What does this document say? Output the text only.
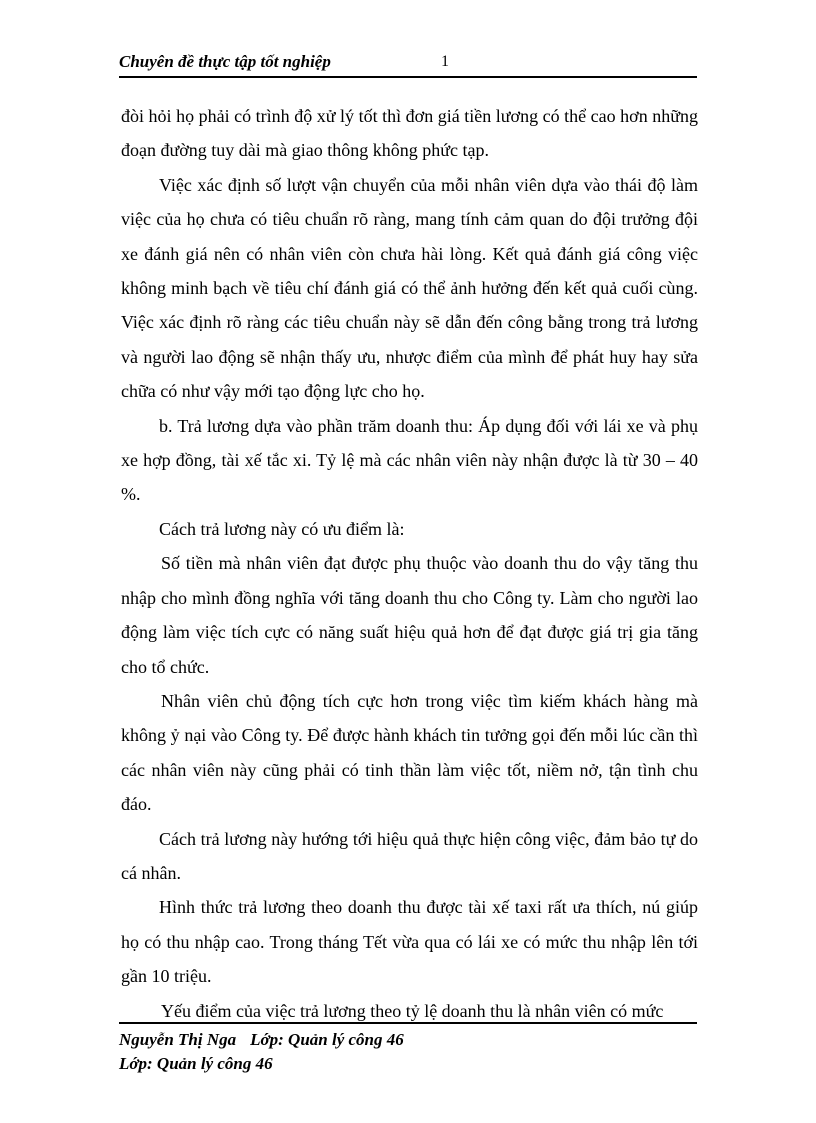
Chuyên đề thực tập tốt nghiệp	1

đòi hỏi họ phải có trình độ xử lý tốt thì đơn giá tiền lương có thể cao hơn những đoạn đường tuy dài mà giao thông không phức tạp.

Việc xác định số lượt vận chuyển của mỗi nhân viên dựa vào thái độ làm việc của họ chưa có tiêu chuẩn rõ ràng, mang tính cảm quan do đội trưởng đội xe đánh giá nên có nhân viên còn chưa hài lòng. Kết quả đánh giá công việc không minh bạch về tiêu chí đánh giá có thể ảnh hưởng đến kết quả cuối cùng. Việc xác định rõ ràng các tiêu chuẩn này sẽ dẫn đến công bằng trong trả lương và người lao động sẽ nhận thấy ưu, nhược điểm của mình để phát huy hay sửa chữa có như vậy mới tạo động lực cho họ.

b. Trả lương dựa vào phần trăm doanh thu: Áp dụng đối với lái xe và phụ xe hợp đồng, tài xế tắc xi. Tỷ lệ mà các nhân viên này nhận được là từ 30 – 40 %.

Cách trả lương này có ưu điểm là:

Số tiền mà nhân viên đạt được phụ thuộc vào doanh thu do vậy tăng thu nhập cho mình đồng nghĩa với tăng doanh thu cho Công ty. Làm cho người lao động làm việc tích cực có năng suất hiệu quả hơn để đạt được giá trị gia tăng cho tổ chức.

Nhân viên chủ động tích cực hơn trong việc tìm kiếm khách hàng mà không ỷ nại vào Công ty. Để được hành khách tin tưởng gọi đến mỗi lúc cần thì các nhân viên này cũng phải có tinh thần làm việc tốt, niềm nở, tận tình chu đáo.

Cách trả lương này hướng tới hiệu quả thực hiện công việc, đảm bảo tự do cá nhân.

Hình thức trả lương theo doanh thu được tài xế taxi rất ưa thích, nú giúp họ có thu nhập cao. Trong tháng Tết vừa qua có lái xe có mức thu nhập lên tới gần 10 triệu.

Yếu điểm của việc trả lương theo tỷ lệ doanh thu là nhân viên có mức

Nguyễn Thị Nga Lớp: Quản lý công 46
Lớp: Quản lý công 46
